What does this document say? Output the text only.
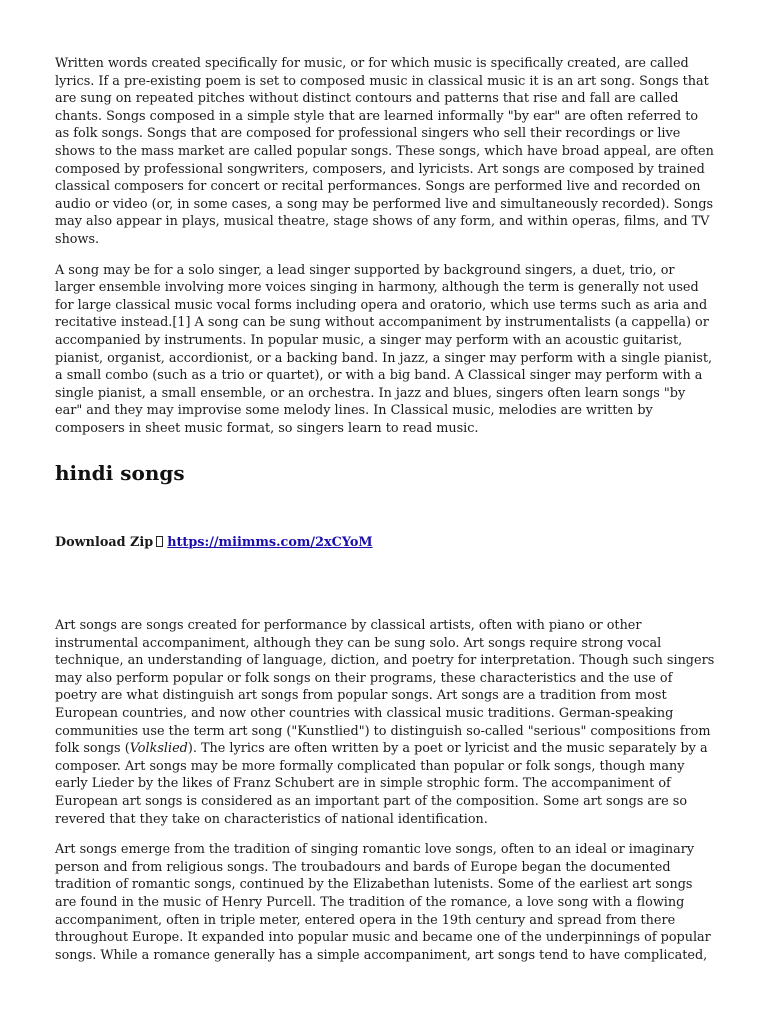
Written words created specifically for music, or for which music is specifically created, are called lyrics. If a pre-existing poem is set to composed music in classical music it is an art song. Songs that are sung on repeated pitches without distinct contours and patterns that rise and fall are called chants. Songs composed in a simple style that are learned informally "by ear" are often referred to as folk songs. Songs that are composed for professional singers who sell their recordings or live shows to the mass market are called popular songs. These songs, which have broad appeal, are often composed by professional songwriters, composers, and lyricists. Art songs are composed by trained classical composers for concert or recital performances. Songs are performed live and recorded on audio or video (or, in some cases, a song may be performed live and simultaneously recorded). Songs may also appear in plays, musical theatre, stage shows of any form, and within operas, films, and TV shows.

A song may be for a solo singer, a lead singer supported by background singers, a duet, trio, or larger ensemble involving more voices singing in harmony, although the term is generally not used for large classical music vocal forms including opera and oratorio, which use terms such as aria and recitative instead.[1] A song can be sung without accompaniment by instrumentalists (a cappella) or accompanied by instruments. In popular music, a singer may perform with an acoustic guitarist, pianist, organist, accordionist, or a backing band. In jazz, a singer may perform with a single pianist, a small combo (such as a trio or quartet), or with a big band. A Classical singer may perform with a single pianist, a small ensemble, or an orchestra. In jazz and blues, singers often learn songs "by ear" and they may improvise some melody lines. In Classical music, melodies are written by composers in sheet music format, so singers learn to read music.

hindi songs
Download Zip https://miimms.com/2xCYoM

Art songs are songs created for performance by classical artists, often with piano or other instrumental accompaniment, although they can be sung solo. Art songs require strong vocal technique, an understanding of language, diction, and poetry for interpretation. Though such singers may also perform popular or folk songs on their programs, these characteristics and the use of poetry are what distinguish art songs from popular songs. Art songs are a tradition from most European countries, and now other countries with classical music traditions. German-speaking communities use the term art song ("Kunstlied") to distinguish so-called "serious" compositions from folk songs (Volkslied). The lyrics are often written by a poet or lyricist and the music separately by a composer. Art songs may be more formally complicated than popular or folk songs, though many early Lieder by the likes of Franz Schubert are in simple strophic form. The accompaniment of European art songs is considered as an important part of the composition. Some art songs are so revered that they take on characteristics of national identification.

Art songs emerge from the tradition of singing romantic love songs, often to an ideal or imaginary person and from religious songs. The troubadours and bards of Europe began the documented tradition of romantic songs, continued by the Elizabethan lutenists. Some of the earliest art songs are found in the music of Henry Purcell. The tradition of the romance, a love song with a flowing accompaniment, often in triple meter, entered opera in the 19th century and spread from there throughout Europe. It expanded into popular music and became one of the underpinnings of popular songs. While a romance generally has a simple accompaniment, art songs tend to have complicated,
